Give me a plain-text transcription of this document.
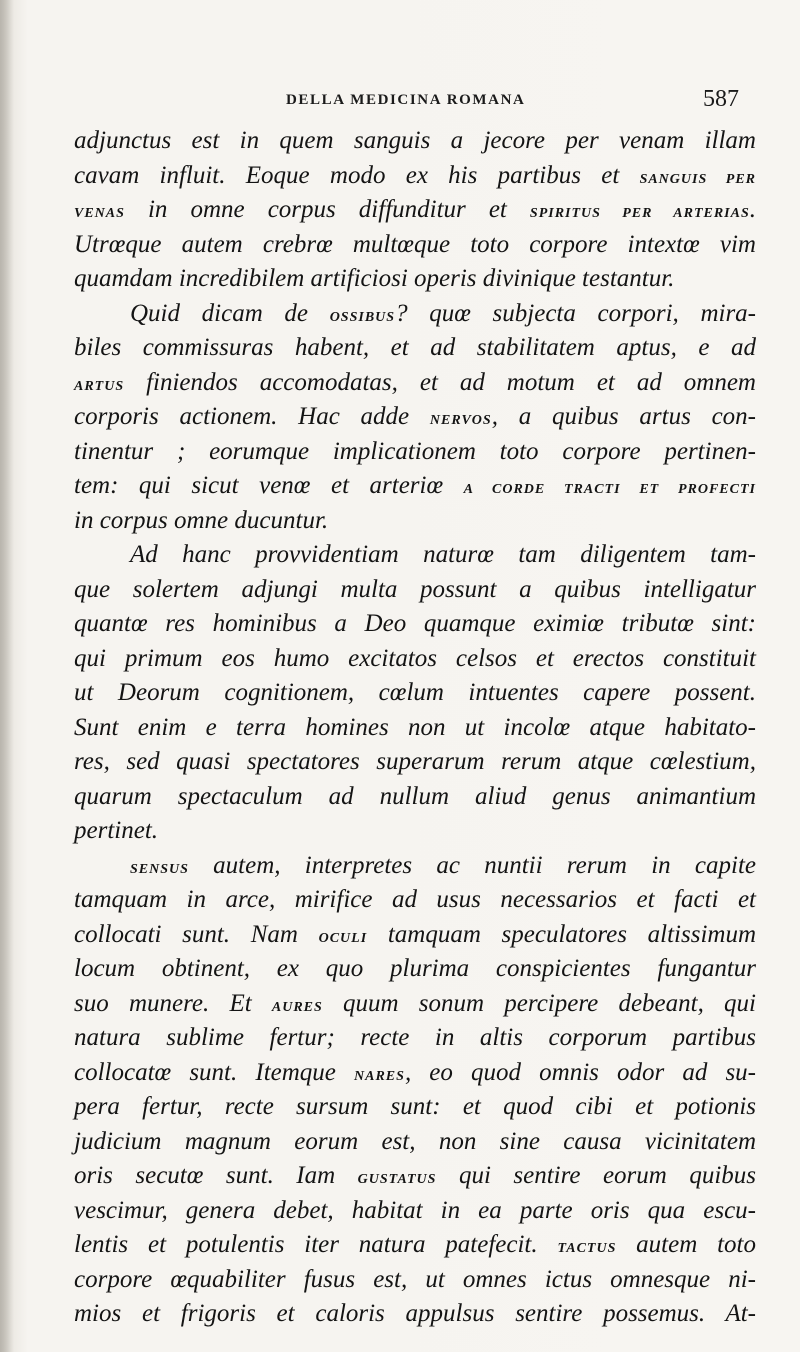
DELLA MEDICINA ROMANA	587
adjunctus est in quem sanguis a jecore per venam illam
cavam influit. Eoque modo ex his partibus et SANGUIS PER
VENAS in omne corpus diffunditur et SPIRITUS PER ARTERIAS.
Utrœque autem crebrœ multœque toto corpore intextœ vim
quamdam incredibilem artificiosi operis divinique testantur.
Quid dicam de OSSIBUS? quœ subjecta corpori, mira-
biles commissuras habent, et ad stabilitatem aptus, e ad
ARTUS finiendos accomodatas, et ad motum et ad omnem
corporis actionem. Hac adde NERVOS, a quibus artus con-
tinentur ; eorumque implicationem toto corpore pertinen-
tem: qui sicut venœ et arteriœ A CORDE TRACTI ET PROFECTI
in corpus omne ducuntur.
Ad hanc provvidentiam naturœ tam diligentem tam-
que solertem adjungi multa possunt a quibus intelligatur
quantœ res hominibus a Deo quamque eximiœ tributœ sint:
qui primum eos humo excitatos celsos et erectos constituit
ut Deorum cognitionem, cœlum intuentes capere possent.
Sunt enim e terra homines non ut incolœ atque habitato-
res, sed quasi spectatores superarum rerum atque cœlestium,
quarum spectaculum ad nullum aliud genus animantium
pertinet.
SENSUS autem, interpretes ac nuntii rerum in capite
tamquam in arce, mirifice ad usus necessarios et facti et
collocati sunt. Nam OCULI tamquam speculatores altissimum
locum obtinent, ex quo plurima conspicientes fungantur
suo munere. Et AURES quum sonum percipere debeant, qui
natura sublime fertur; recte in altis corporum partibus
collocatœ sunt. Itemque NARES, eo quod omnis odor ad su-
pera fertur, recte sursum sunt: et quod cibi et potionis
judicium magnum eorum est, non sine causa vicinitatem
oris secutœ sunt. Iam GUSTATUS qui sentire eorum quibus
vescimur, genera debet, habitat in ea parte oris qua escu-
lentis et potulentis iter natura patefecit. TACTUS autem toto
corpore œquabiliter fusus est, ut omnes ictus omnesque ni-
mios et frigoris et caloris appulsus sentire possemus. At-
